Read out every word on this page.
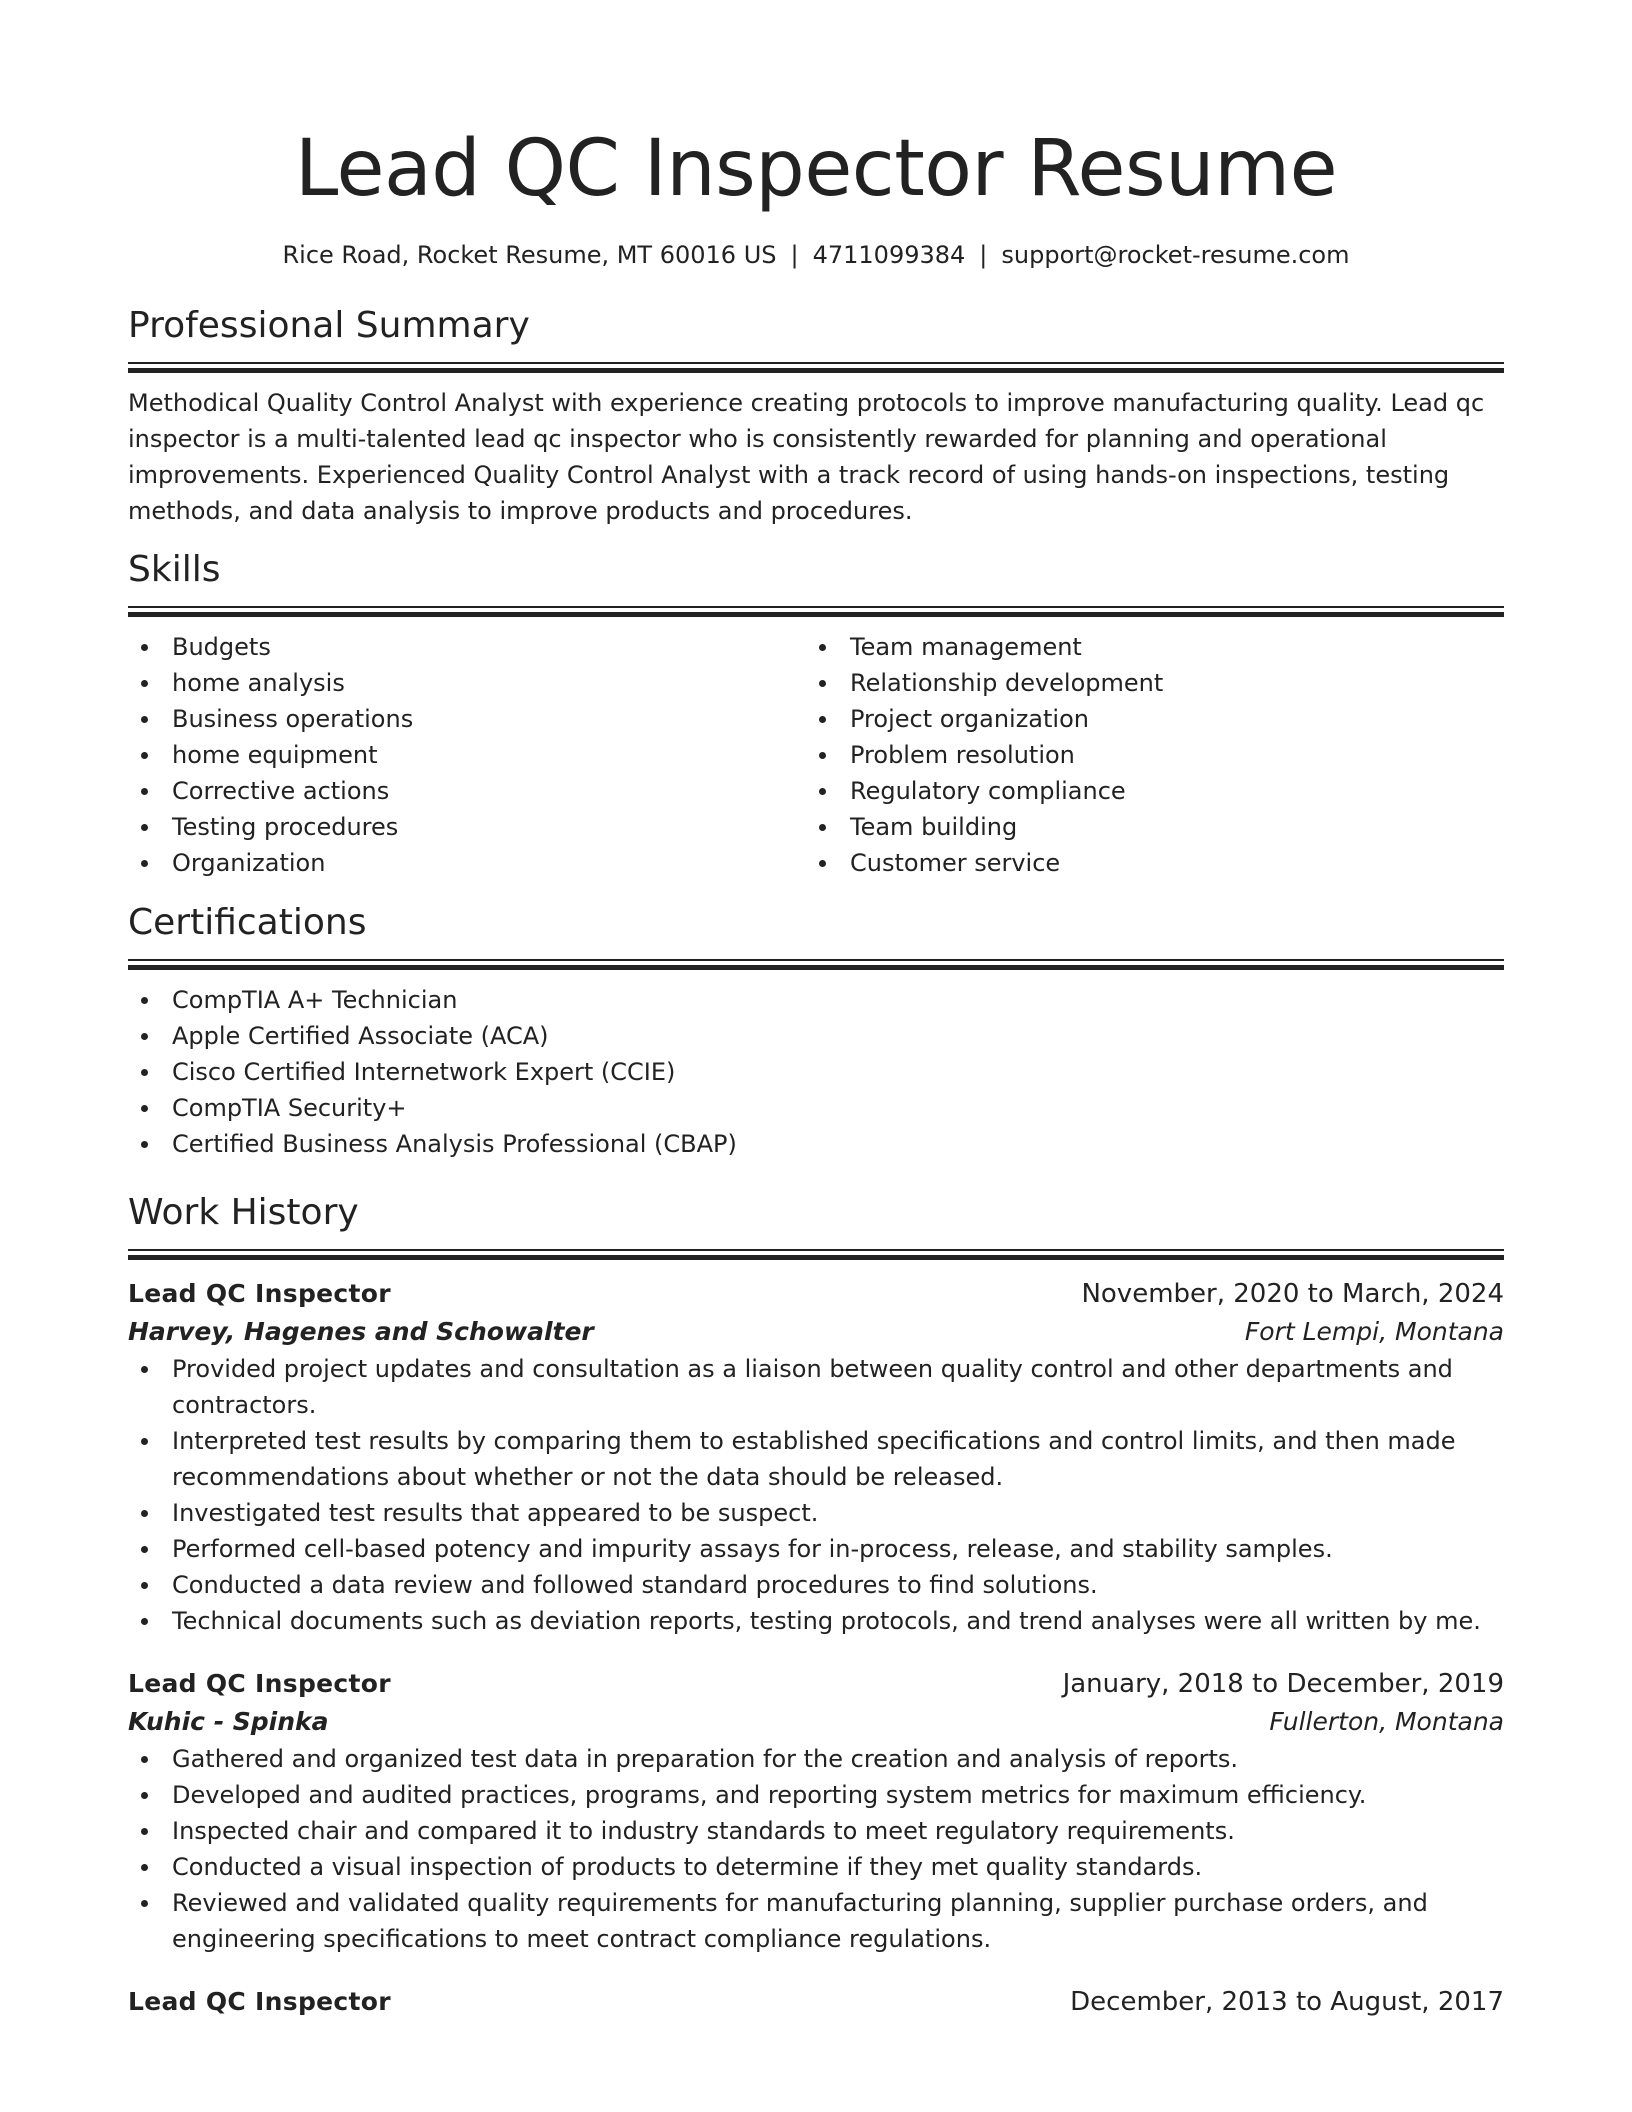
Lead QC Inspector Resume
Rice Road, Rocket Resume, MT 60016 US | 4711099384 | support@rocket-resume.com
Professional Summary
Methodical Quality Control Analyst with experience creating protocols to improve manufacturing quality. Lead qc inspector is a multi-talented lead qc inspector who is consistently rewarded for planning and operational improvements. Experienced Quality Control Analyst with a track record of using hands-on inspections, testing methods, and data analysis to improve products and procedures.
Skills
Budgets
home analysis
Business operations
home equipment
Corrective actions
Testing procedures
Organization
Team management
Relationship development
Project organization
Problem resolution
Regulatory compliance
Team building
Customer service
Certifications
CompTIA A+ Technician
Apple Certified Associate (ACA)
Cisco Certified Internetwork Expert (CCIE)
CompTIA Security+
Certified Business Analysis Professional (CBAP)
Work History
Lead QC Inspector	November, 2020 to March, 2024
Harvey, Hagenes and Schowalter	Fort Lempi, Montana
Provided project updates and consultation as a liaison between quality control and other departments and contractors.
Interpreted test results by comparing them to established specifications and control limits, and then made recommendations about whether or not the data should be released.
Investigated test results that appeared to be suspect.
Performed cell-based potency and impurity assays for in-process, release, and stability samples.
Conducted a data review and followed standard procedures to find solutions.
Technical documents such as deviation reports, testing protocols, and trend analyses were all written by me.
Lead QC Inspector	January, 2018 to December, 2019
Kuhic - Spinka	Fullerton, Montana
Gathered and organized test data in preparation for the creation and analysis of reports.
Developed and audited practices, programs, and reporting system metrics for maximum efficiency.
Inspected chair and compared it to industry standards to meet regulatory requirements.
Conducted a visual inspection of products to determine if they met quality standards.
Reviewed and validated quality requirements for manufacturing planning, supplier purchase orders, and engineering specifications to meet contract compliance regulations.
Lead QC Inspector	December, 2013 to August, 2017
